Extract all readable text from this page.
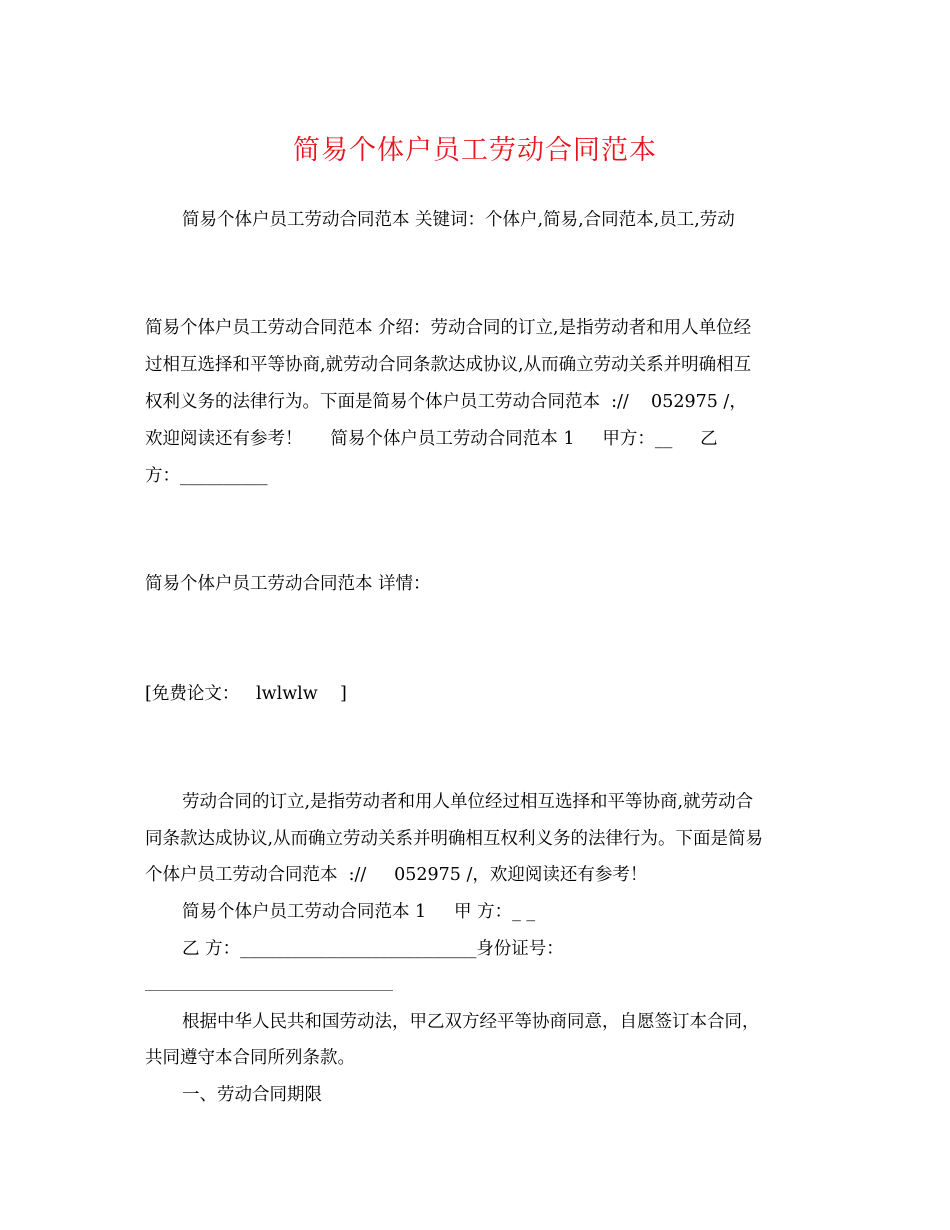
简易个体户员工劳动合同范本
简易个体户员工劳动合同范本 关键词：个体户,简易,合同范本,员工,劳动
简易个体户员工劳动合同范本 介绍：劳动合同的订立,是指劳动者和用人单位经
过相互选择和平等协商,就劳动合同条款达成协议,从而确立劳动关系并明确相互
权利义务的法律行为。下面是简易个体户员工劳动合同范本  ://    052975 /，
欢迎阅读还有参考！     简易个体户员工劳动合同范本 1     甲方：__     乙
方：__________
简易个体户员工劳动合同范本 详情：
[免费论文：   lwlwlw    ]
劳动合同的订立,是指劳动者和用人单位经过相互选择和平等协商,就劳动合
同条款达成协议,从而确立劳动关系并明确相互权利义务的法律行为。下面是简易
个体户员工劳动合同范本  ://     052975 /，欢迎阅读还有参考！
简易个体户员工劳动合同范本 1     甲 方：_ _
乙 方：___________________________身份证号：
根据中华人民共和国劳动法，甲乙双方经平等协商同意，自愿签订本合同，
共同遵守本合同所列条款。
一、劳动合同期限
